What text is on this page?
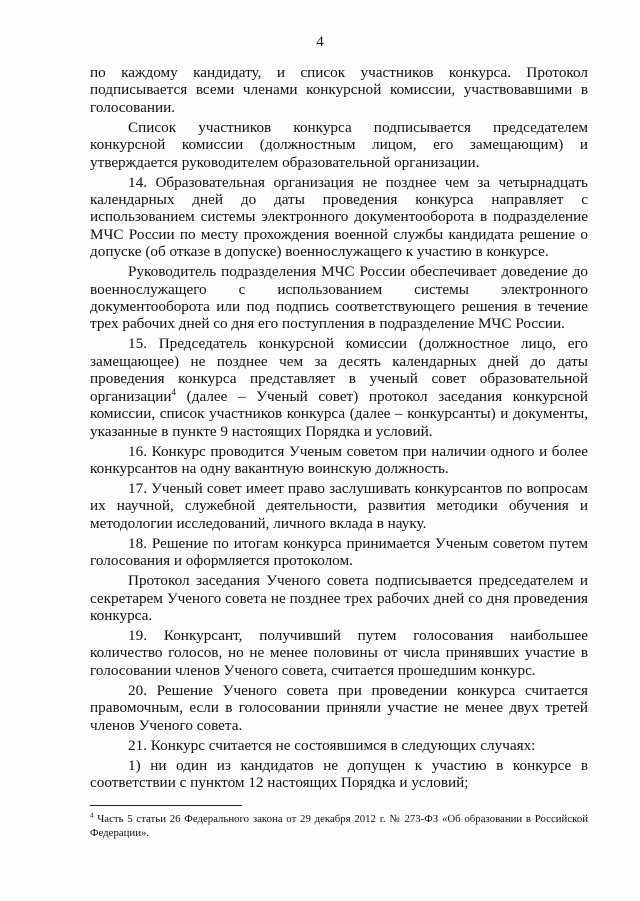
4

по каждому кандидату, и список участников конкурса. Протокол подписывается всеми членами конкурсной комиссии, участвовавшими в голосовании.

Список участников конкурса подписывается председателем конкурсной комиссии (должностным лицом, его замещающим) и утверждается руководителем образовательной организации.

14. Образовательная организация не позднее чем за четырнадцать календарных дней до даты проведения конкурса направляет с использованием системы электронного документооборота в подразделение МЧС России по месту прохождения военной службы кандидата решение о допуске (об отказе в допуске) военнослужащего к участию в конкурсе.

Руководитель подразделения МЧС России обеспечивает доведение до военнослужащего с использованием системы электронного документооборота или под подпись соответствующего решения в течение трех рабочих дней со дня его поступления в подразделение МЧС России.

15. Председатель конкурсной комиссии (должностное лицо, его замещающее) не позднее чем за десять календарных дней до даты проведения конкурса представляет в ученый совет образовательной организации$^4$ (далее – Ученый совет) протокол заседания конкурсной комиссии, список участников конкурса (далее – конкурсанты) и документы, указанные в пункте 9 настоящих Порядка и условий.

16. Конкурс проводится Ученым советом при наличии одного и более конкурсантов на одну вакантную воинскую должность.

17. Ученый совет имеет право заслушивать конкурсантов по вопросам их научной, служебной деятельности, развития методики обучения и методологии исследований, личного вклада в науку.

18. Решение по итогам конкурса принимается Ученым советом путем голосования и оформляется протоколом.

Протокол заседания Ученого совета подписывается председателем и секретарем Ученого совета не позднее трех рабочих дней со дня проведения конкурса.

19. Конкурсант, получивший путем голосования наибольшее количество голосов, но не менее половины от числа принявших участие в голосовании членов Ученого совета, считается прошедшим конкурс.

20. Решение Ученого совета при проведении конкурса считается правомочным, если в голосовании приняли участие не менее двух третей членов Ученого совета.

21. Конкурс считается не состоявшимся в следующих случаях:

1) ни один из кандидатов не допущен к участию в конкурсе в соответствии с пунктом 12 настоящих Порядка и условий;

$^4$ Часть 5 статьи 26 Федерального закона от 29 декабря 2012 г. № 273-ФЗ «Об образовании в Российской Федерации».
